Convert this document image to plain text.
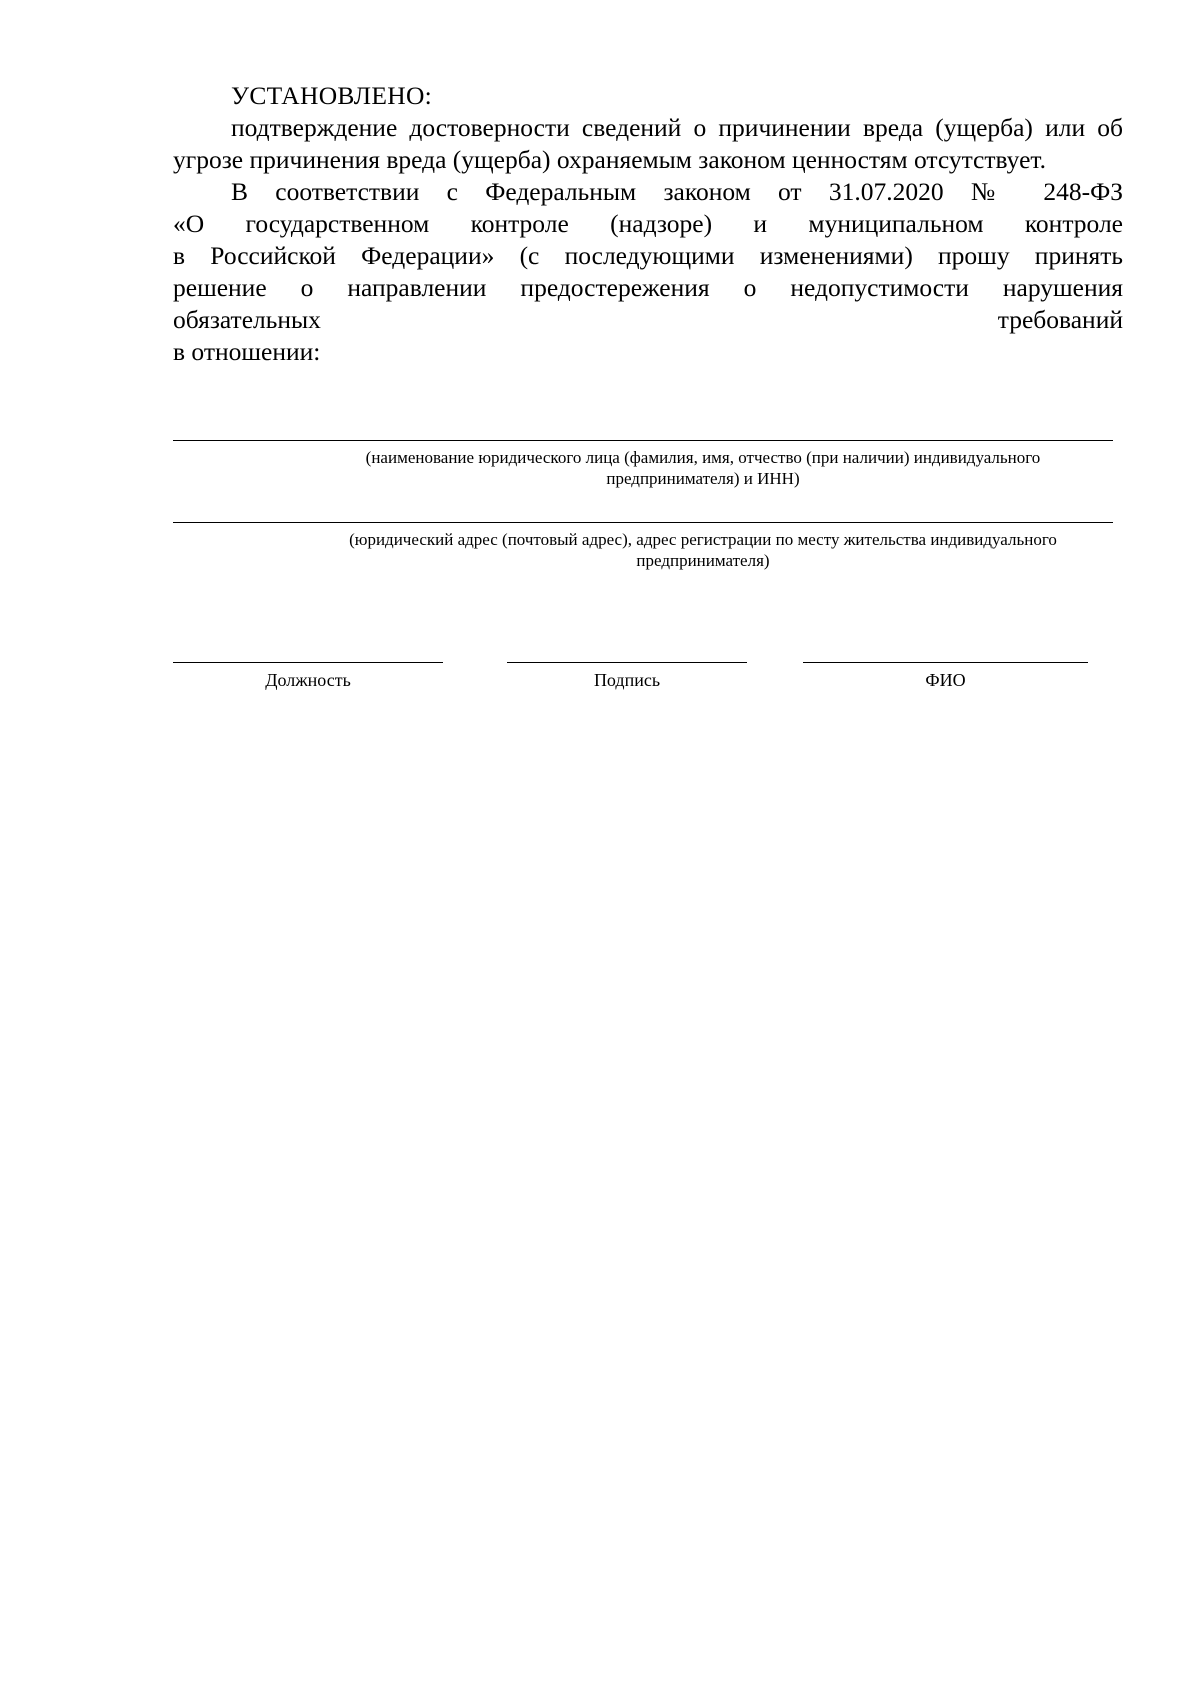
УСТАНОВЛЕНО:

подтверждение достоверности сведений о причинении вреда (ущерба) или об угрозе причинения вреда (ущерба) охраняемым законом ценностям отсутствует.

В соответствии с Федеральным законом от 31.07.2020 № 248-ФЗ
«О государственном контроле (надзоре) и муниципальном контроле
в Российской Федерации» (с последующими изменениями) прошу принять
решение о направлении предостережения о недопустимости нарушения
обязательных требований
в отношении:

(наименование юридического лица (фамилия, имя, отчество (при наличии) индивидуального
предпринимателя) и ИНН)
(юридический адрес (почтовый адрес), адрес регистрации по месту жительства индивидуального
предпринимателя)
Должность	Подпись	ФИО
